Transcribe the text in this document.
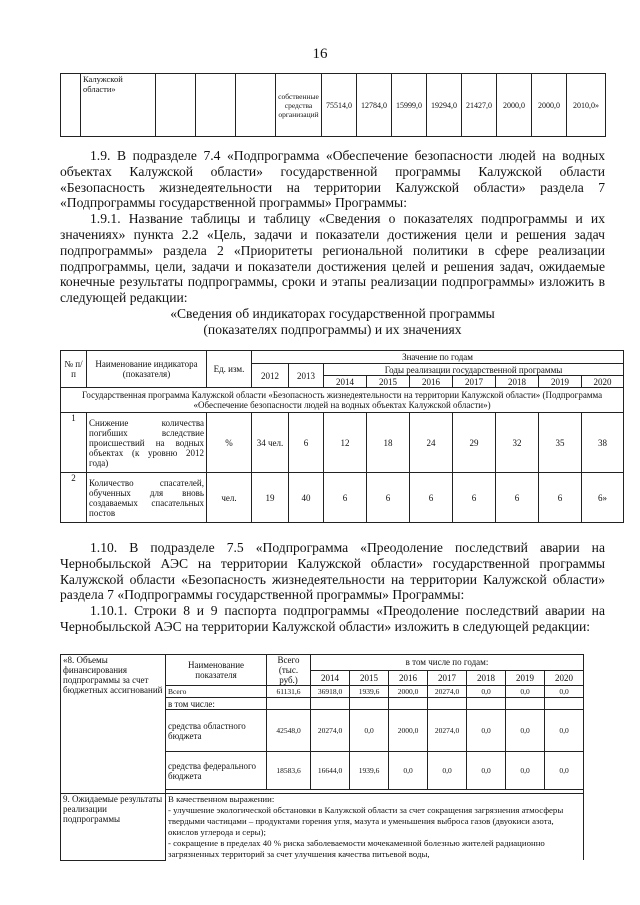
16
	Калужской области»				собственные средства организаций	75514,0	12784,0	15999,0	19294,0	21427,0	2000,0	2000,0	2010,0»

1.9. В подразделе 7.4 «Подпрограмма «Обеспечение безопасности людей на водных объектах Калужской области» государственной программы Калужской области «Безопасность жизнедеятельности на территории Калужской области» раздела 7 «Подпрограммы государственной программы» Программы:

1.9.1. Название таблицы и таблицу «Сведения о показателях подпрограммы и их значениях» пункта 2.2 «Цель, задачи и показатели достижения цели и решения задач подпрограммы» раздела 2 «Приоритеты региональной политики в сфере реализации подпрограммы, цели, задачи и показатели достижения целей и решения задач, ожидаемые конечные результаты подпрограммы, сроки и этапы реализации подпрограммы» изложить в следующей редакции:

«Сведения об индикаторах государственной программы
(показателях подпрограммы) и их значениях
№ п/п	Наименование индикатора (показателя)	Ед. изм.	Значение по годам								
			2012	2013	Годы реализации государственной программы						
					2014	2015	2016	2017	2018	2019	2020
Государственная программа Калужской области «Безопасность жизнедеятельности на территории Калужской области» (Подпрограмма «Обеспечение безопасности людей на водных объектах Калужской области»)											
1	Снижение количества погибших вследствие происшествий на водных объектах (к уровню 2012 года)	%	34 чел.	6	12	18	24	29	32	35	38
2	Количество спасателей, обученных для вновь создаваемых спасательных постов	чел.	19	40	6	6	6	6	6	6	6»

1.10. В подразделе 7.5 «Подпрограмма «Преодоление последствий аварии на Чернобыльской АЭС на территории Калужской области» государственной программы Калужской области «Безопасность жизнедеятельности на территории Калужской области» раздела 7 «Подпрограммы государственной программы» Программы:

1.10.1. Строки 8 и 9 паспорта подпрограммы «Преодоление последствий аварии на Чернобыльской АЭС на территории Калужской области» изложить в следующей редакции:

«8. Объемы финансирования подпрограммы за счет бюджетных ассигнований	Наименование показателя	Всего (тыс. руб.)	в том числе по годам:						
			2014	2015	2016	2017	2018	2019	2020
	Всего	61131,6	36918,0	1939,6	2000,0	20274,0	0,0	0,0	0,0
	в том числе:								
	средства областного бюджета	42548,0	20274,0	0,0	2000,0	20274,0	0,0	0,0	0,0
	средства федерального бюджета	18583,6	16644,0	1939,6	0,0	0,0	0,0	0,0	0,0

9. Ожидаемые результаты реализации подпрограммы	В качественном выражении:
- улучшение экологической обстановки в Калужской области за счет сокращения загрязнения атмосферы твердыми частицами – продуктами горения угля, мазута и уменьшения выброса газов (двуокиси азота, окислов углерода и серы);
- сокращение в пределах 40 % риска заболеваемости мочекаменной болезнью жителей радиационно загрязненных территорий за счет улучшения качества питьевой воды,								
